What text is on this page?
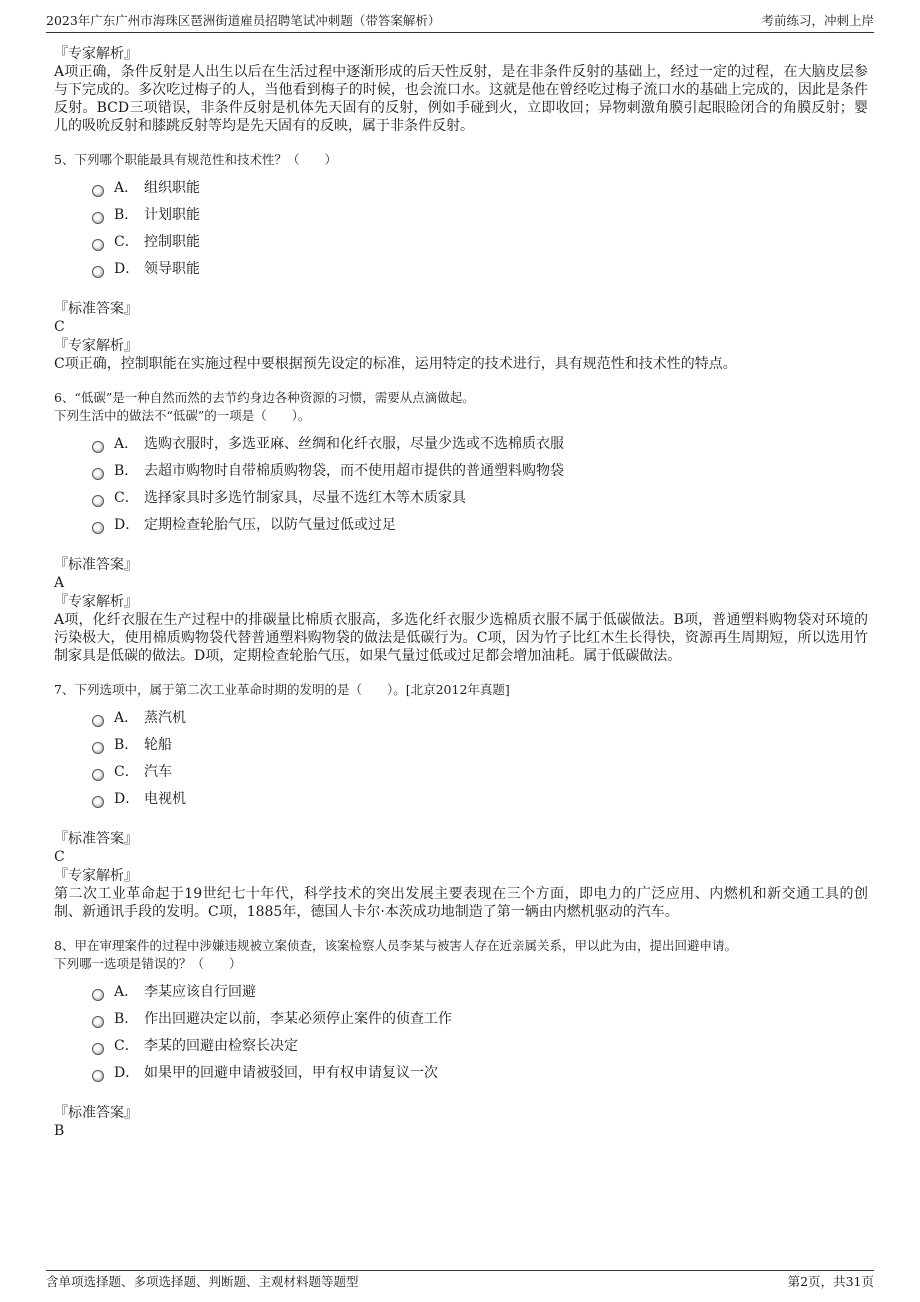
2023年广东广州市海珠区琶洲街道雇员招聘笔试冲刺题（带答案解析）	考前练习，冲刺上岸
『专家解析』
A项正确，条件反射是人出生以后在生活过程中逐渐形成的后天性反射，是在非条件反射的基础上，经过一定的过程，在大脑皮层参与下完成的。多次吃过梅子的人，当他看到梅子的时候，也会流口水。这就是他在曾经吃过梅子流口水的基础上完成的，因此是条件反射。BCD三项错误，非条件反射是机体先天固有的反射，例如手碰到火，立即收回；异物刺激角膜引起眼睑闭合的角膜反射；婴儿的吸吮反射和膝跳反射等均是先天固有的反映，属于非条件反射。
5、下列哪个职能最具有规范性和技术性？（　　）
A． 组织职能
B． 计划职能
C． 控制职能
D． 领导职能
『标准答案』
C
『专家解析』
C项正确，控制职能在实施过程中要根据预先设定的标准，运用特定的技术进行，具有规范性和技术性的特点。
6、“低碳”是一种自然而然的去节约身边各种资源的习惯，需要从点滴做起。
下列生活中的做法不“低碳”的一项是（　　）。
A． 选购衣服时，多选亚麻、丝绸和化纤衣服，尽量少选或不选棉质衣服
B． 去超市购物时自带棉质购物袋，而不使用超市提供的普通塑料购物袋
C． 选择家具时多选竹制家具，尽量不选红木等木质家具
D． 定期检查轮胎气压，以防气量过低或过足
『标准答案』
A
『专家解析』
A项，化纤衣服在生产过程中的排碳量比棉质衣服高，多选化纤衣服少选棉质衣服不属于低碳做法。B项，普通塑料购物袋对环境的污染极大，使用棉质购物袋代替普通塑料购物袋的做法是低碳行为。C项，因为竹子比红木生长得快，资源再生周期短，所以选用竹制家具是低碳的做法。D项，定期检查轮胎气压，如果气量过低或过足都会增加油耗。属于低碳做法。
7、下列选项中，属于第二次工业革命时期的发明的是（　　）。[北京2012年真题]
A． 蒸汽机
B． 轮船
C． 汽车
D． 电视机
『标准答案』
C
『专家解析』
第二次工业革命起于19世纪七十年代，科学技术的突出发展主要表现在三个方面，即电力的广泛应用、内燃机和新交通工具的创制、新通讯手段的发明。C项，1885年，德国人卡尔·本茨成功地制造了第一辆由内燃机驱动的汽车。
8、甲在审理案件的过程中涉嫌违规被立案侦查，该案检察人员李某与被害人存在近亲属关系，甲以此为由，提出回避申请。
下列哪一选项是错误的？（　　）
A． 李某应该自行回避
B． 作出回避决定以前，李某必须停止案件的侦查工作
C． 李某的回避由检察长决定
D． 如果甲的回避申请被驳回，甲有权申请复议一次
『标准答案』
B
含单项选择题、多项选择题、判断题、主观材料题等题型	第2页，共31页
